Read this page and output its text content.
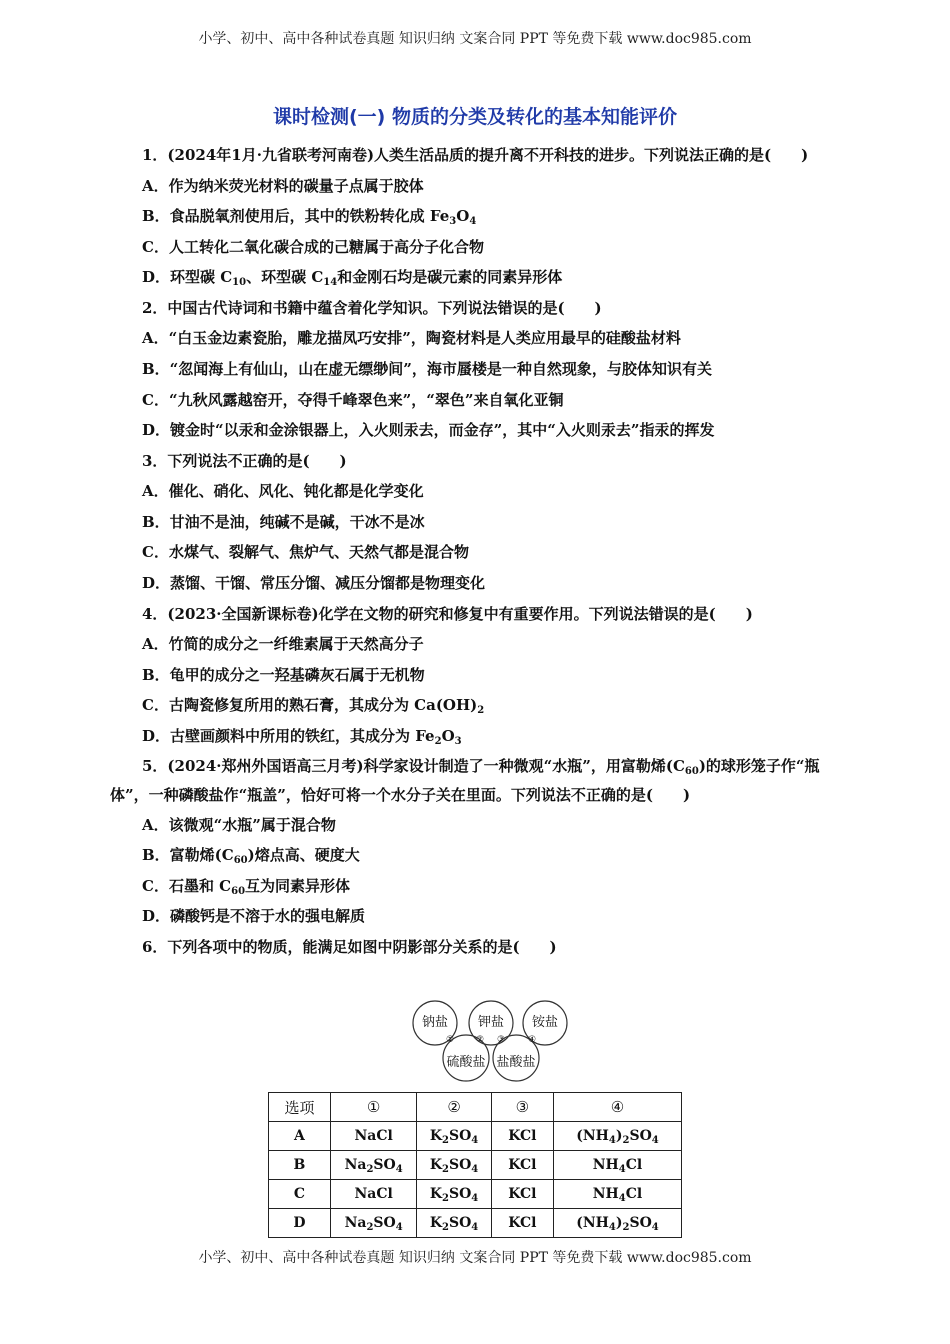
小学、初中、高中各种试卷真题 知识归纳 文案合同 PPT 等免费下载 www.doc985.com
课时检测(一) 物质的分类及转化的基本知能评价
1．(2024年1月·九省联考河南卷)人类生活品质的提升离不开科技的进步。下列说法正确的是(　　)
A．作为纳米荧光材料的碳量子点属于胶体
B．食品脱氧剂使用后，其中的铁粉转化成 $Fe_3O_4$
C．人工转化二氧化碳合成的己糖属于高分子化合物
D．环型碳 $C_{10}$、环型碳 $C_{14}$和金刚石均是碳元素的同素异形体
2．中国古代诗词和书籍中蕴含着化学知识。下列说法错误的是(　　)
A．“白玉金边素瓷胎，雕龙描凤巧安排”，陶瓷材料是人类应用最早的硅酸盐材料
B．“忽闻海上有仙山，山在虚无缥缈间”，海市蜃楼是一种自然现象，与胶体知识有关
C．“九秋风露越窑开，夺得千峰翠色来”，“翠色”来自氧化亚铜
D．镀金时“以汞和金涂银器上，入火则汞去，而金存”，其中“入火则汞去”指汞的挥发
3．下列说法不正确的是(　　)
A．催化、硝化、风化、钝化都是化学变化
B．甘油不是油，纯碱不是碱，干冰不是冰
C．水煤气、裂解气、焦炉气、天然气都是混合物
D．蒸馏、干馏、常压分馏、减压分馏都是物理变化
4．(2023·全国新课标卷)化学在文物的研究和修复中有重要作用。下列说法错误的是(　　)
A．竹简的成分之一纤维素属于天然高分子
B．龟甲的成分之一羟基磷灰石属于无机物
C．古陶瓷修复所用的熟石膏，其成分为 $Ca(OH)_2$
D．古壁画颜料中所用的铁红，其成分为 $Fe_2O_3$
5．(2024·郑州外国语高三月考)科学家设计制造了一种微观“水瓶”，用富勒烯$(C_{60})$的球形笼子作“瓶体”，一种磷酸盐作“瓶盖”，恰好可将一个水分子关在里面。下列说法不正确的是(　　)
A．该微观“水瓶”属于混合物
B．富勒烯$(C_{60})$熔点高、硬度大
C．石墨和 $C_{60}$互为同素异形体
D．磷酸钙是不溶于水的强电解质
6．下列各项中的物质，能满足如图中阴影部分关系的是(　　)
钠盐 钾盐 铵盐
硫酸盐 盐酸盐
① ② ③	④
选项	①	②	③	④
A	NaCl	$K_2SO_4$	KCl	$(NH_4)_2SO_4$
B	$Na_2SO_4$	$K_2SO_4$	KCl	$NH_4Cl$
C	NaCl	$K_2SO_4$	KCl	$NH_4Cl$
D	$Na_2SO_4$	$K_2SO_4$	KCl	$(NH_4)_2SO_4$
小学、初中、高中各种试卷真题 知识归纳 文案合同 PPT 等免费下载 www.doc985.com
